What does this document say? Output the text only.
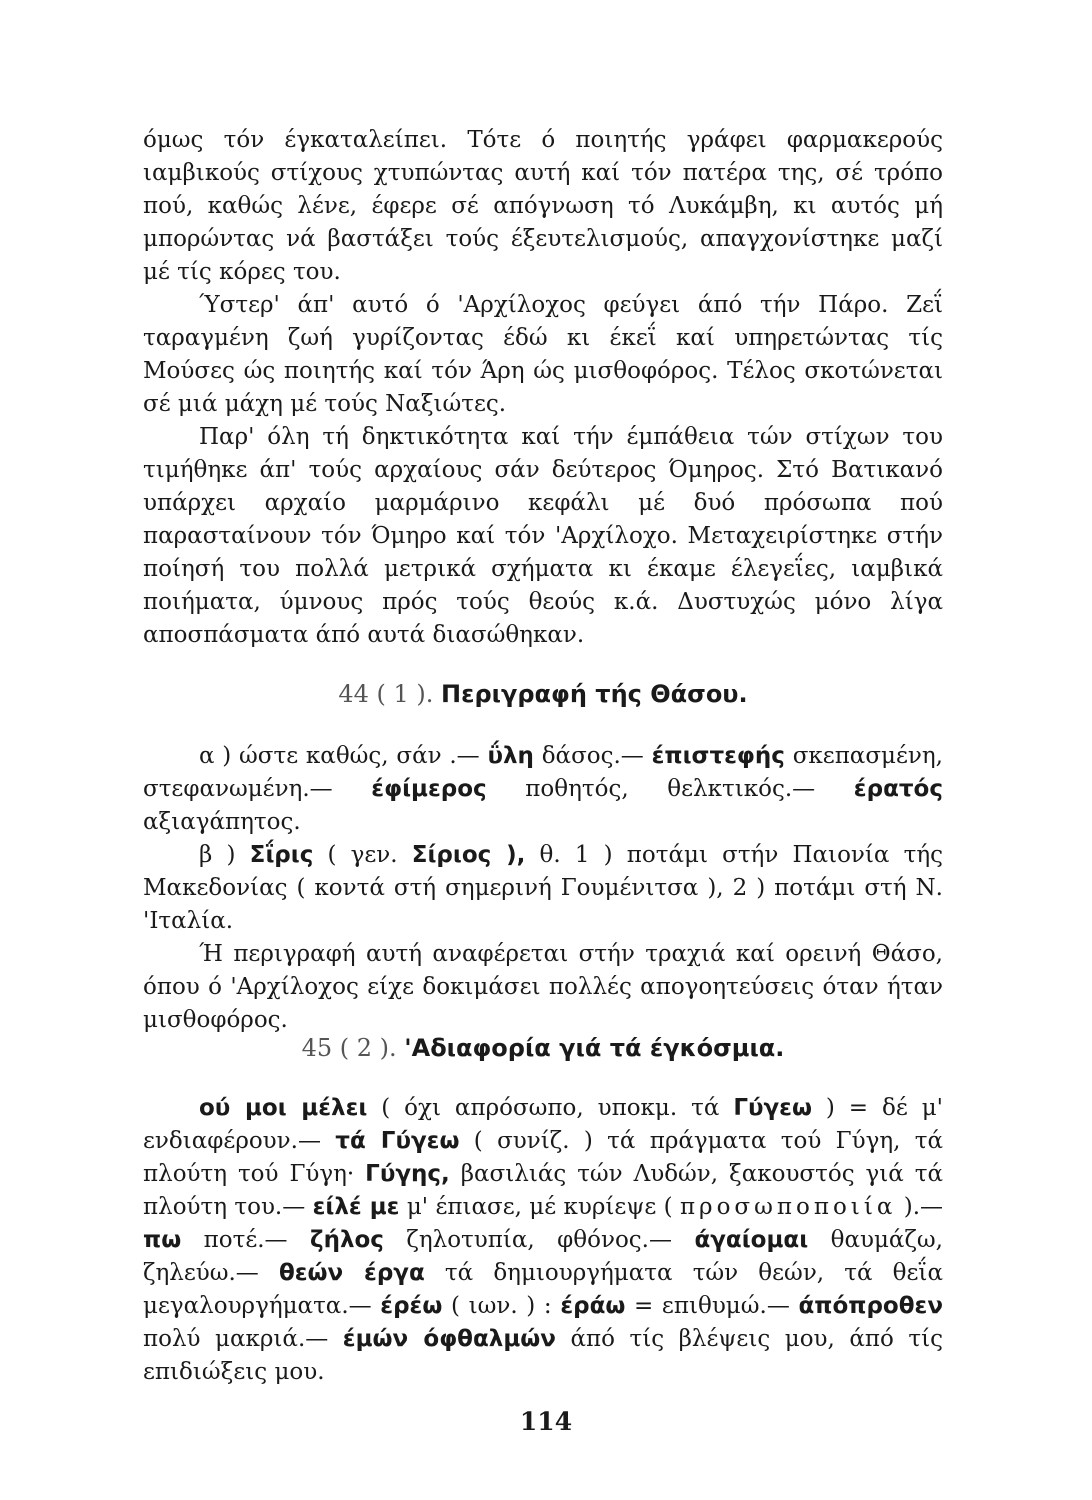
όμως τόν έγκαταλείπει. Τότε ό ποιητής γράφει φαρμακερούς ιαμβικούς στίχους χτυπώντας αυτή καί τόν πατέρα της, σέ τρόπο πού, καθώς λένε, έφερε σέ απόγνωση τό Λυκάμβη, κι αυτός μή μπορώντας νά βαστάξει τούς έξευτελισμούς, απαγχονίστηκε μαζί μέ τίς κόρες του.

Ύστερ' άπ' αυτό ό 'Αρχίλοχος φεύγει άπό τήν Πάρο. Ζεΐ ταραγμένη ζωή γυρίζοντας έδώ κι έκεΐ καί υπηρετώντας τίς Μούσες ώς ποιητής καί τόν Άρη ώς μισθοφόρος. Τέλος σκοτώνεται σέ μιά μάχη μέ τούς Ναξιώτες.

Παρ' όλη τή δηκτικότητα καί τήν έμπάθεια τών στίχων του τιμήθηκε άπ' τούς αρχαίους σάν δεύτερος Όμηρος. Στό Βατικανό υπάρχει αρχαίο μαρμάρινο κεφάλι μέ δυό πρόσωπα πού παρασταίνουν τόν Όμηρο καί τόν 'Αρχίλοχο. Μεταχειρίστηκε στήν ποίησή του πολλά μετρικά σχήματα κι έκαμε έλεγεΐες, ιαμβικά ποιήματα, ύμνους πρός τούς θεούς κ.ά. Δυστυχώς μόνο λίγα αποσπάσματα άπό αυτά διασώθηκαν.

44 ( 1 ). Περιγραφή τής Θάσου.

α ) ώστε καθώς, σάν .— ΰλη δάσος.— έπιστεφής σκεπασμένη, στεφανωμένη.— έφίμερος ποθητός, θελκτικός.— έρατός αξιαγάπητος.

β ) Σΐρις ( γεν. Σίριος ), θ. 1 ) ποτάμι στήν Παιονία τής Μακεδονίας ( κοντά στή σημερινή Γουμένιτσα ), 2 ) ποτάμι στή Ν. 'Ιταλία.

Ή περιγραφή αυτή αναφέρεται στήν τραχιά καί ορεινή Θάσο, όπου ό 'Αρχίλοχος είχε δοκιμάσει πολλές απογοητεύσεις όταν ήταν μισθοφόρος.

45 ( 2 ). 'Αδιαφορία γιά τά έγκόσμια.

ού μοι μέλει ( όχι απρόσωπο, υποκμ. τά Γύγεω ) = δέ μ' ενδιαφέρουν.— τά Γύγεω ( συνίζ. ) τά πράγματα τού Γύγη, τά πλούτη τού Γύγη· Γύγης, βασιλιάς τών Λυδών, ξακουστός γιά τά πλούτη του.— είλέ με μ' έπιασε, μέ κυρίεψε ( προσωποποιία ).—πω ποτέ.— ζήλος ζηλοτυπία, φθόνος.— άγαίομαι θαυμάζω, ζηλεύω.— θεών έργα τά δημιουργήματα τών θεών, τά θεΐα μεγαλουργήματα.— έρέω ( ιων. ) : έράω = επιθυμώ.— άπόπροθεν πολύ μακριά.— έμών όφθαλμών άπό τίς βλέψεις μου, άπό τίς επιδιώξεις μου.

114
